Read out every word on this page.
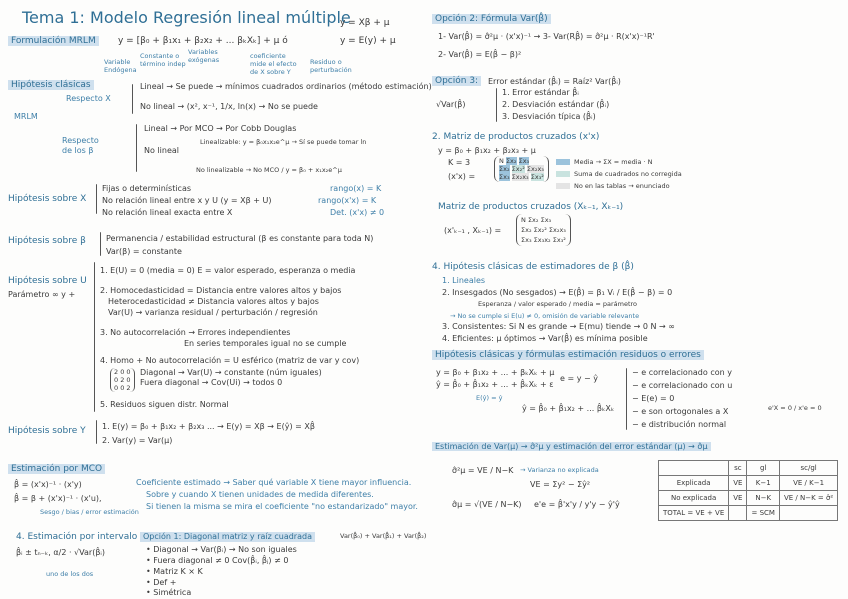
Tema 1: Modelo Regresión lineal múltiple
y = Xβ + μ
y = E(y) + μ
Formulación MRLM	y = [β₀ + β₁x₁ + β₂x₂ + ... βₖXₖ] + μ ó
Variable Endógena
Constante o término indep
Variables exógenas	coeficiente mide el efecto de X sobre Y
Residuo o perturbación
Hipótesis clásicas
MRLM
Respecto X
Respecto de los β
Lineal → Se puede → mínimos cuadrados ordinarios (método estimación)
No lineal → (x², x⁻¹, 1/x, ln(x) → No se puede
Lineal → Por MCO → Por Cobb Douglas
Linealizable: y = β₀x₁x₂e^μ → Sí se puede tomar ln
No lineal
No linealizable → No MCO / y = β₀ + x₁x₂e^μ
Hipótesis sobre X
Fijas o determinísticas
No relación lineal entre x y U (y = Xβ + U)
No relación lineal exacta entre X
rango(x) = K
rango(x'x) = K
Det. (x'x) ≠ 0
Hipótesis sobre β	Permanencia / estabilidad estructural (β es constante para toda N)
Var(β) = constante
Hipótesis sobre U
Parámetro ∞ y +
1. E(U) = 0 (media = 0) E = valor esperado, esperanza o media
2. Homocedasticidad = Distancia entre valores altos y bajos
Heterocedasticidad ≠ Distancia valores altos y bajos
Var(U) → varianza residual / perturbación / regresión
3. No autocorrelación → Errores independientes
En series temporales igual no se cumple
4. Homo + No autocorrelación = U esférico (matriz de var y cov)
2 0 0
0 2 0
0 0 2
Diagonal → Var(U) → constante (núm iguales)
Fuera diagonal → Cov(Ui) → todos 0
5. Residuos siguen distr. Normal
Hipótesis sobre Y 1. E(y) = β₀ + β₁x₂ + β₂x₃ ... → E(y) = Xβ → E(ŷ) = Xβ̂
2. Var(y) = Var(μ)
Estimación por MCO
β̂ = (x'x)⁻¹ · (x'y)
β̂ = β + (x'x)⁻¹ · (x'u),
Sesgo / bias / error estimación
Coeficiente estimado → Saber qué variable X tiene mayor influencia.
Sobre y cuando X tienen unidades de medida diferentes.
Si tienen la misma se mira el coeficiente "no estandarizado" mayor.
4. Estimación por intervalo
β̂ᵢ ± tₙ₋ₖ, α/2 · √Var(β̂ᵢ)
uno de los dos
Opción 1: Diagonal matriz y raíz cuadrada	Var(β̂₀) + Var(β̂₁) + Var(β̂₂)
• Diagonal → Var(βᵢ) → No son iguales
• Fuera diagonal ≠ 0 Cov(β̂ᵢ, β̂ⱼ) ≠ 0
• Matriz K × K
• Def +
• Simétrica
Opción 2: Fórmula Var(β̂)
1- Var(β̂) = σ̂²μ · (x'x)⁻¹ → 3- Var(Rβ̂) = σ̂²μ · R(x'x)⁻¹R'
2- Var(β̂) = E(β̂ − β)²
Opción 3:	Error estándar (β̂ᵢ) = Raíz² Var(β̂ᵢ)
√Var(β̂)
1. Error estándar β̂ᵢ
2. Desviación estándar (β̂ᵢ)
3. Desviación típica (β̂ᵢ)
2. Matriz de productos cruzados (x'x)
y = β₀ + β₁x₂ + β₂x₃ + μ
K = 3
(x'x) =
N Σx₂ Σx₃
Σx₂ Σx₂² Σx₂x₃
Σx₃ Σx₂x₃ Σx₃²
Media → ΣX = media · N
Suma de cuadrados no corregida
No en las tablas → enunciado
Matriz de productos cruzados (Xₖ₋₁, Xₖ₋₁)
(x'ₖ₋₁ , Xₖ₋₁) =
N Σx₂ Σx₃
Σx₂ Σx₂² Σx₂x₃
Σx₃ Σx₃x₂ Σx₃²
4. Hipótesis clásicas de estimadores de β (β̂)
1. Lineales
2. Insesgados (No sesgados) → E(β̂) = β₁ Vᵢ / E(β̂ − β) = 0
Esperanza / valor esperado / media = parámetro
→ No se cumple si E(u) ≠ 0, omisión de variable relevante
3. Consistentes: Si N es grande → E(mu) tiende → 0 N → ∞
4. Eficientes: μ óptimos → Var(β̂) es mínima posible
Hipótesis clásicas y fórmulas estimación residuos o errores
y = β₀ + β₁x₂ + ... + βₖXₖ + μ
ŷ = β̂₀ + β̂₁x₂ + ... + β̂ₖXₖ + ε
E(ŷ) = ŷ
e = y − ŷ
ŷ = β̂₀ + β̂₁x₂ + ... β̂ₖXₖ
− e correlacionado con y
− e correlacionado con u
− E(e) = 0
− e son ortogonales a X
− e distribución normal
e'X = 0 / x'e = 0
Estimación de Var(μ) → σ̂²μ y estimación del error estándar (μ) → σ̂μ
σ̂²μ = VE / N−K → Varianza no explicada
VE = Σy² − Σŷ²
σ̂μ = √(VE / N−K) e'e = β̂'x'y / y'y − ŷ'ŷ
	sc	gl	sc/gl
Explicada	VE	K−1	VE / K−1
No explicada	VE	N−K	VE / N−K = σ̂²
TOTAL = VE + VE		= SCM	
